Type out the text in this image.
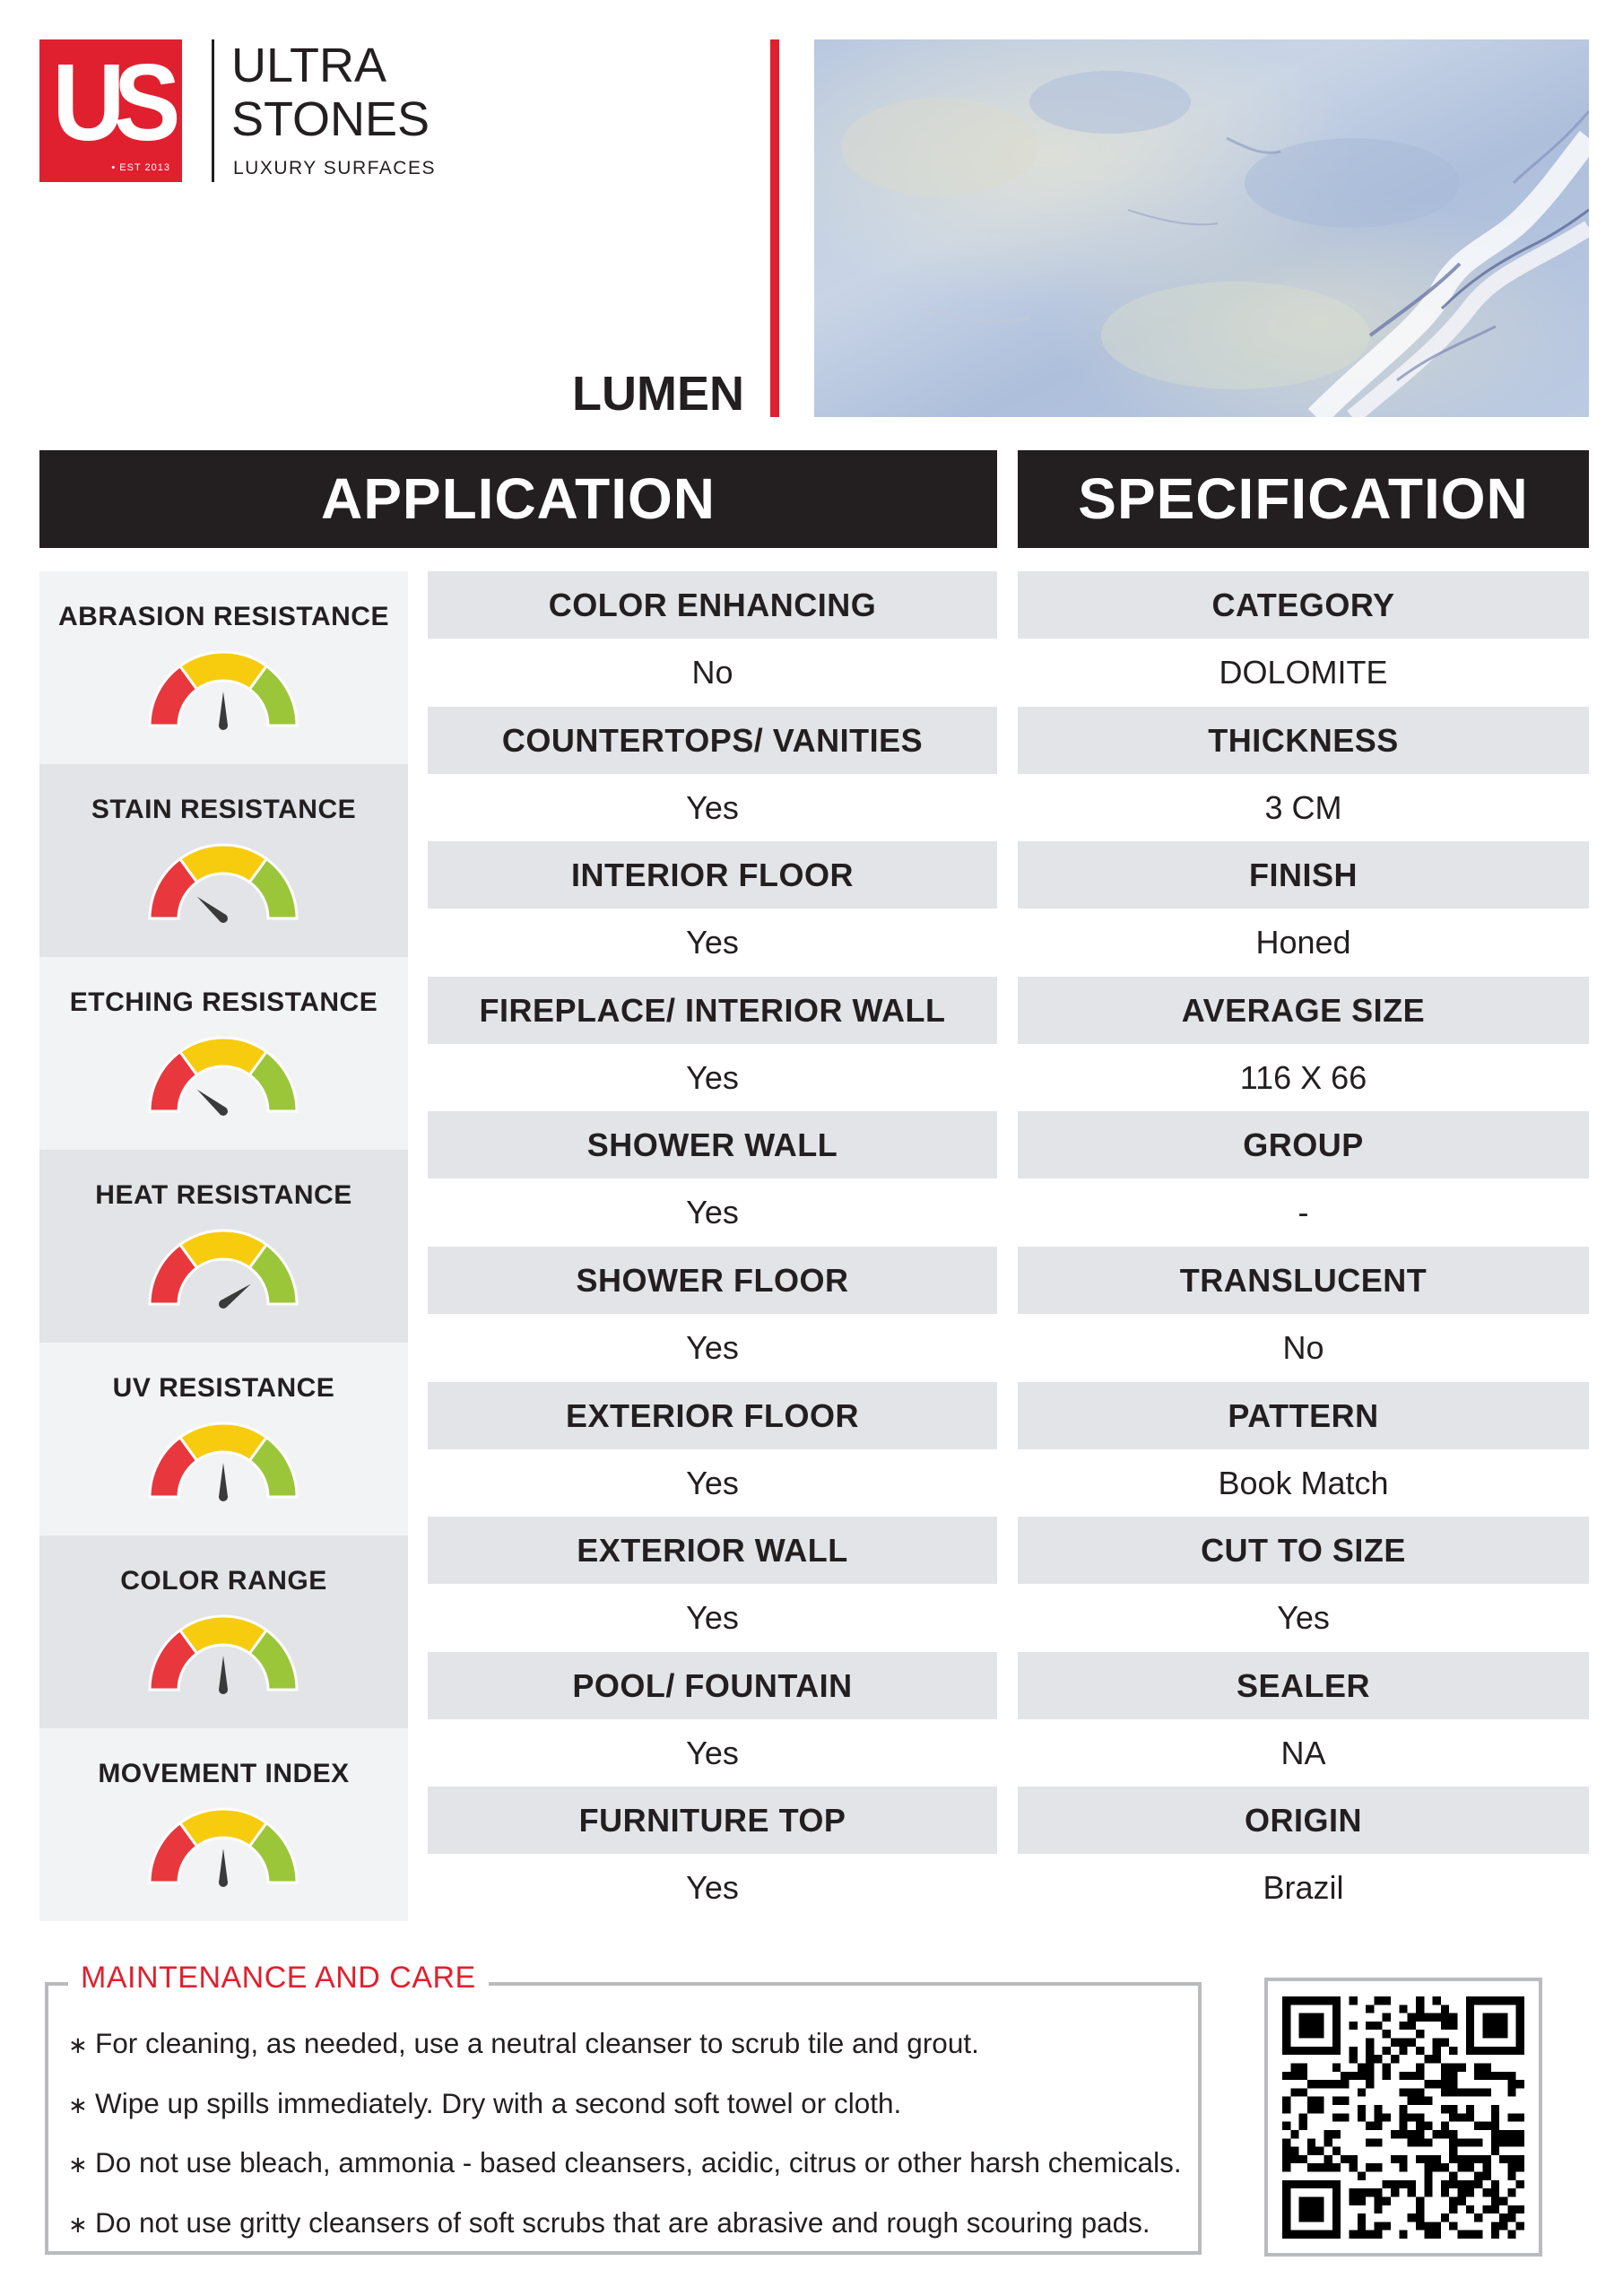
US
• EST 2013
ULTRA
STONES
LUXURY SURFACES
LUMEN
APPLICATION	SPECIFICATION
ABRASION RESISTANCE
STAIN RESISTANCE
ETCHING RESISTANCE
HEAT RESISTANCE
UV RESISTANCE
COLOR RANGE
MOVEMENT INDEX
COLOR ENHANCING
No
COUNTERTOPS/ VANITIES
Yes
INTERIOR FLOOR
Yes
FIREPLACE/ INTERIOR WALL
Yes
SHOWER WALL
Yes
SHOWER FLOOR
Yes
EXTERIOR FLOOR
Yes
EXTERIOR WALL
Yes
POOL/ FOUNTAIN
Yes
FURNITURE TOP
Yes
CATEGORY
DOLOMITE
THICKNESS
3 CM
FINISH
Honed
AVERAGE SIZE
116 X 66
GROUP
-
TRANSLUCENT
No
PATTERN
Book Match
CUT TO SIZE
Yes
SEALER
NA
ORIGIN
Brazil
MAINTENANCE AND CARE
∗ For cleaning, as needed, use a neutral cleanser to scrub tile and grout.
∗ Wipe up spills immediately. Dry with a second soft towel or cloth.
∗ Do not use bleach, ammonia - based cleansers, acidic, citrus or other harsh chemicals.
∗ Do not use gritty cleansers of soft scrubs that are abrasive and rough scouring pads.
